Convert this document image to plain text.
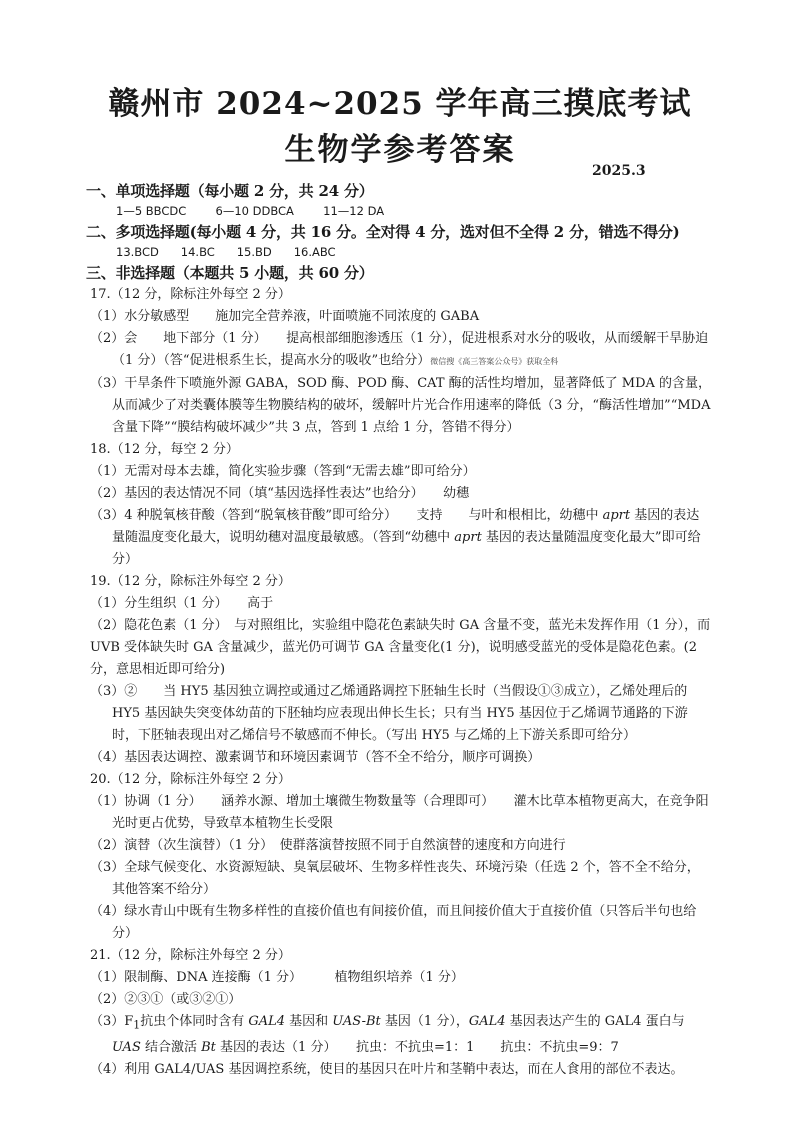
赣州市 2024~2025 学年高三摸底考试
生物学参考答案
2025.3
一、单项选择题（每小题 2 分，共 24 分）
1—5 BBCDC        6—10 DDBCA        11—12 DA
二、多项选择题(每小题 4 分，共 16 分。全对得 4 分，选对但不全得 2 分，错选不得分)
13.BCD      14.BC      15.BD      16.ABC
三、非选择题（本题共 5 小题，共 60 分）
17.（12 分，除标注外每空 2 分）
（1）水分敏感型　　施加完全营养液，叶面喷施不同浓度的 GABA
（2）会　　地下部分（1 分）　　提高根部细胞渗透压（1 分），促进根系对水分的吸收，从而缓解干旱胁迫（1 分）（答“促进根系生长，提高水分的吸收”也给分）微信搜《高三答案公众号》获取全科
（3）干旱条件下喷施外源 GABA，SOD 酶、POD 酶、CAT 酶的活性均增加，显著降低了 MDA 的含量，从而减少了对类囊体膜等生物膜结构的破坏，缓解叶片光合作用速率的降低（3 分，“酶活性增加”“MDA 含量下降”“膜结构破坏减少”共 3 点，答到 1 点给 1 分，答错不得分）
18.（12 分，每空 2 分）
（1）无需对母本去雄，简化实验步骤（答到“无需去雄”即可给分）
（2）基因的表达情况不同（填“基因选择性表达”也给分）　　幼穗
（3）4 种脱氧核苷酸（答到“脱氧核苷酸”即可给分）　　支持　　与叶和根相比，幼穗中 aprt 基因的表达量随温度变化最大，说明幼穗对温度最敏感。（答到“幼穗中 aprt 基因的表达量随温度变化最大”即可给分）
19.（12 分，除标注外每空 2 分）
（1）分生组织（1 分）　　高于
（2）隐花色素（1 分）　与对照组比，实验组中隐花色素缺失时 GA 含量不变，蓝光未发挥作用（1 分），而 UVB 受体缺失时 GA 含量减少，蓝光仍可调节 GA 含量变化(1 分)，说明感受蓝光的受体是隐花色素。(2 分，意思相近即可给分)
（3）②　　当 HY5 基因独立调控或通过乙烯通路调控下胚轴生长时（当假设①③成立），乙烯处理后的 HY5 基因缺失突变体幼苗的下胚轴均应表现出伸长生长；只有当 HY5 基因位于乙烯调节通路的下游时，下胚轴表现出对乙烯信号不敏感而不伸长。（写出 HY5 与乙烯的上下游关系即可给分）
（4）基因表达调控、激素调节和环境因素调节（答不全不给分，顺序可调换）
20.（12 分，除标注外每空 2 分）
（1）协调（1 分）　　涵养水源、增加土壤微生物数量等（合理即可）　　灌木比草本植物更高大，在竞争阳光时更占优势，导致草本植物生长受限
（2）演替（次生演替）（1 分）　使群落演替按照不同于自然演替的速度和方向进行
（3）全球气候变化、水资源短缺、臭氧层破坏、生物多样性丧失、环境污染（任选 2 个，答不全不给分，其他答案不给分）
（4）绿水青山中既有生物多样性的直接价值也有间接价值，而且间接价值大于直接价值（只答后半句也给分）
21.（12 分，除标注外每空 2 分）
（1）限制酶、DNA 连接酶（1 分）　　　植物组织培养（1 分）
（2）②③①（或③②①）
$(3)F_1$抗虫个体同时含有 GAL4 基因和 UAS-Bt 基因（1 分），GAL4 基因表达产生的 GAL4 蛋白与 UAS 结合激活 Bt 基因的表达（1 分）　　抗虫：不抗虫=1：1　　抗虫：不抗虫=9：7
（4）利用 GAL4/UAS 基因调控系统，使目的基因只在叶片和茎鞘中表达，而在人食用的部位不表达。
